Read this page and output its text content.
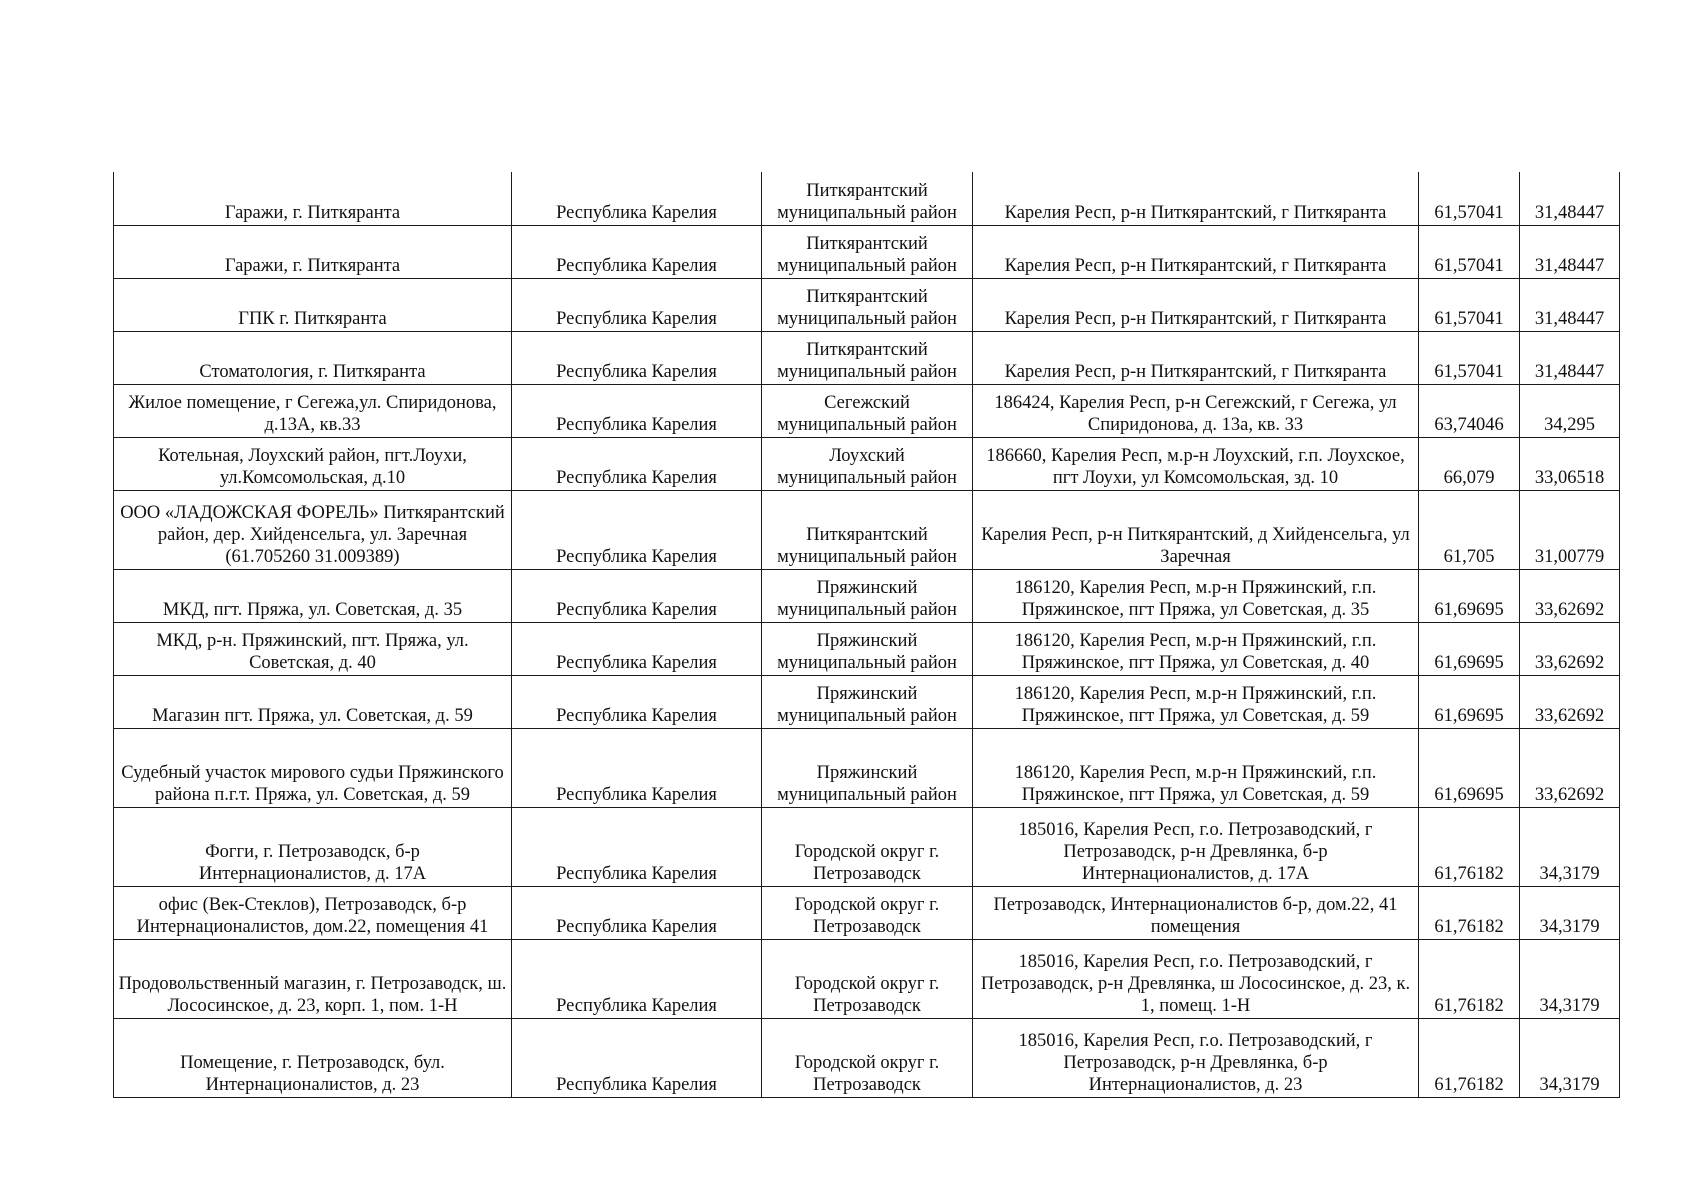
Гаражи, г. Питкяранта	Республика Карелия	Питкярантский муниципальный район	Карелия Респ, р-н Питкярантский, г Питкяранта	61,57041	31,48447
Гаражи, г. Питкяранта	Республика Карелия	Питкярантский муниципальный район	Карелия Респ, р-н Питкярантский, г Питкяранта	61,57041	31,48447
ГПК г. Питкяранта	Республика Карелия	Питкярантский муниципальный район	Карелия Респ, р-н Питкярантский, г Питкяранта	61,57041	31,48447
Стоматология, г. Питкяранта	Республика Карелия	Питкярантский муниципальный район	Карелия Респ, р-н Питкярантский, г Питкяранта	61,57041	31,48447
Жилое помещение, г Сегежа,ул. Спиридонова, д.13А, кв.33	Республика Карелия	Сегежский муниципальный район	186424, Карелия Респ, р-н Сегежский, г Сегежа, ул Спиридонова, д. 13а, кв. 33	63,74046	34,295
Котельная, Лоухский район, пгт.Лоухи, ул.Комсомольская, д.10	Республика Карелия	Лоухский муниципальный район	186660, Карелия Респ, м.р-н Лоухский, г.п. Лоухское, пгт Лоухи, ул Комсомольская, зд. 10	66,079	33,06518
ООО «ЛАДОЖСКАЯ ФОРЕЛЬ» Питкярантский район, дер. Хийденсельга, ул. Заречная (61.705260 31.009389)	Республика Карелия	Питкярантский муниципальный район	Карелия Респ, р-н Питкярантский, д Хийденсельга, ул Заречная	61,705	31,00779
МКД, пгт. Пряжа, ул. Советская, д. 35	Республика Карелия	Пряжинский муниципальный район	186120, Карелия Респ, м.р-н Пряжинский, г.п. Пряжинское, пгт Пряжа, ул Советская, д. 35	61,69695	33,62692
МКД, р-н. Пряжинский, пгт. Пряжа, ул. Советская, д. 40	Республика Карелия	Пряжинский муниципальный район	186120, Карелия Респ, м.р-н Пряжинский, г.п. Пряжинское, пгт Пряжа, ул Советская, д. 40	61,69695	33,62692
Магазин пгт. Пряжа, ул. Советская, д. 59	Республика Карелия	Пряжинский муниципальный район	186120, Карелия Респ, м.р-н Пряжинский, г.п. Пряжинское, пгт Пряжа, ул Советская, д. 59	61,69695	33,62692
Судебный участок мирового судьи Пряжинского района п.г.т. Пряжа, ул. Советская, д. 59	Республика Карелия	Пряжинский муниципальный район	186120, Карелия Респ, м.р-н Пряжинский, г.п. Пряжинское, пгт Пряжа, ул Советская, д. 59	61,69695	33,62692
Фогги, г. Петрозаводск, б-р Интернационалистов, д. 17А	Республика Карелия	Городской округ г. Петрозаводск	185016, Карелия Респ, г.о. Петрозаводский, г Петрозаводск, р-н Древлянка, б-р Интернационалистов, д. 17А	61,76182	34,3179
офис (Век-Стеклов), Петрозаводск, б-р Интернационалистов, дом.22, помещения 41	Республика Карелия	Городской округ г. Петрозаводск	Петрозаводск, Интернационалистов б-р, дом.22, 41 помещения	61,76182	34,3179
Продовольственный магазин, г. Петрозаводск, ш. Лососинское, д. 23, корп. 1, пом. 1-Н	Республика Карелия	Городской округ г. Петрозаводск	185016, Карелия Респ, г.о. Петрозаводский, г Петрозаводск, р-н Древлянка, ш Лососинское, д. 23, к. 1, помещ. 1-Н	61,76182	34,3179
Помещение, г. Петрозаводск, бул. Интернационалистов, д. 23	Республика Карелия	Городской округ г. Петрозаводск	185016, Карелия Респ, г.о. Петрозаводский, г Петрозаводск, р-н Древлянка, б-р Интернационалистов, д. 23	61,76182	34,3179
